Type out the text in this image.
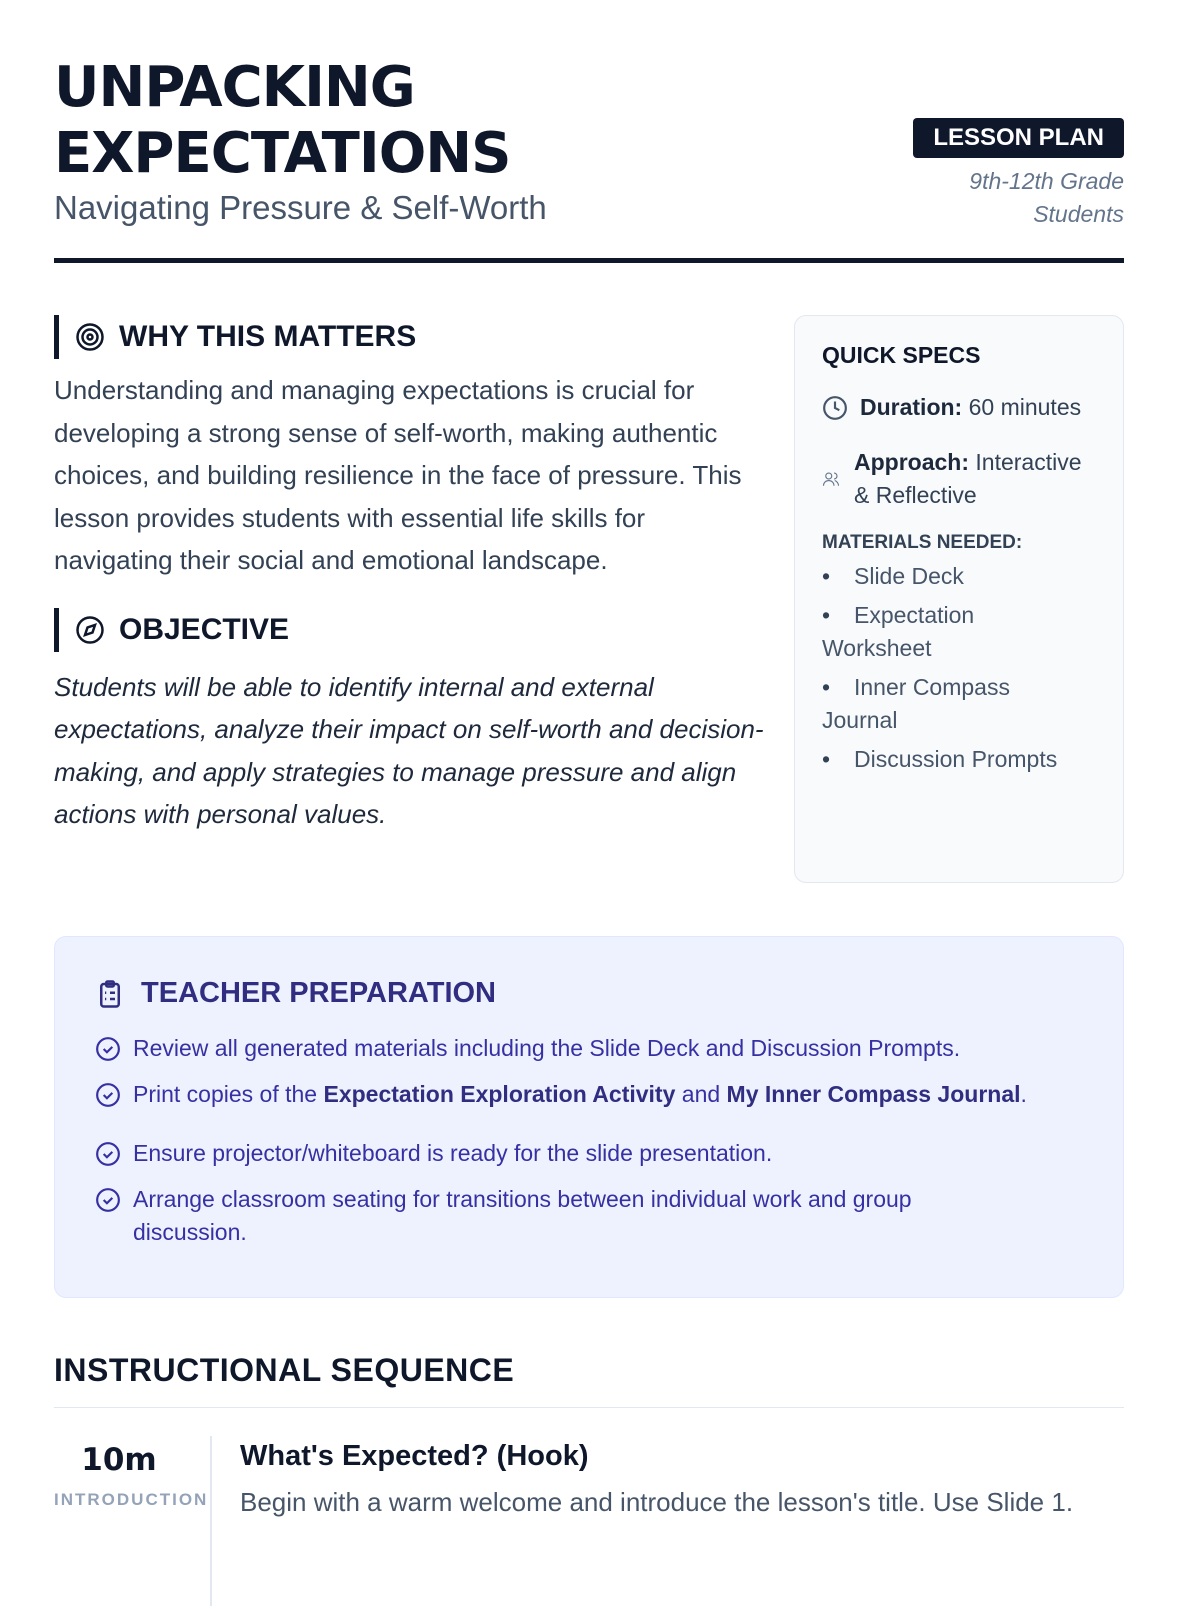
UNPACKING
EXPECTATIONS
Navigating Pressure & Self-Worth
LESSON PLAN
9th-12th Grade Students
WHY THIS MATTERS

Understanding and managing expectations is crucial for developing a strong sense of self-worth, making authentic choices, and building resilience in the face of pressure. This lesson provides students with essential life skills for navigating their social and emotional landscape.

OBJECTIVE

Students will be able to identify internal and external expectations, analyze their impact on self-worth and decision-making, and apply strategies to manage pressure and align actions with personal values.

QUICK SPECS
Duration: 60 minutes
Approach: Interactive & Reflective
MATERIALS NEEDED:
• Slide Deck
• Expectation Worksheet
• Inner Compass Journal
• Discussion Prompts
TEACHER PREPARATION
Review all generated materials including the Slide Deck and Discussion Prompts.
Print copies of the Expectation Exploration Activity and My Inner Compass Journal.
Ensure projector/whiteboard is ready for the slide presentation.
Arrange classroom seating for transitions between individual work and group discussion.
INSTRUCTIONAL SEQUENCE
10m
INTRODUCTION
What's Expected? (Hook)

Begin with a warm welcome and introduce the lesson's title. Use Slide 1.
